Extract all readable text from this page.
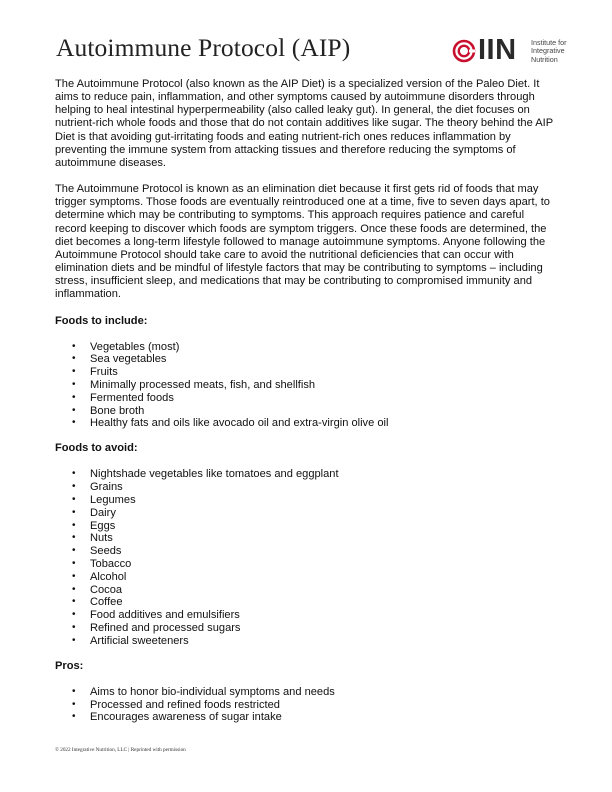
Autoimmune Protocol (AIP)	IIN Institute for
Integrative
Nutrition

The Autoimmune Protocol (also known as the AIP Diet) is a specialized version of the Paleo Diet. It aims to reduce pain, inflammation, and other symptoms caused by autoimmune disorders through helping to heal intestinal hyperpermeability (also called leaky gut). In general, the diet focuses on nutrient-rich whole foods and those that do not contain additives like sugar. The theory behind the AIP Diet is that avoiding gut-irritating foods and eating nutrient-rich ones reduces inflammation by preventing the immune system from attacking tissues and therefore reducing the symptoms of autoimmune diseases.

The Autoimmune Protocol is known as an elimination diet because it first gets rid of foods that may trigger symptoms. Those foods are eventually reintroduced one at a time, five to seven days apart, to determine which may be contributing to symptoms. This approach requires patience and careful record keeping to discover which foods are symptom triggers. Once these foods are determined, the diet becomes a long-term lifestyle followed to manage autoimmune symptoms. Anyone following the Autoimmune Protocol should take care to avoid the nutritional deficiencies that can occur with elimination diets and be mindful of lifestyle factors that may be contributing to symptoms – including stress, insufficient sleep, and medications that may be contributing to compromised immunity and inflammation.

Foods to include:
• Vegetables (most)
• Sea vegetables
• Fruits
• Minimally processed meats, fish, and shellfish
• Fermented foods
• Bone broth
• Healthy fats and oils like avocado oil and extra-virgin olive oil
Foods to avoid:
• Nightshade vegetables like tomatoes and eggplant
• Grains
• Legumes
• Dairy
• Eggs
• Nuts
• Seeds
• Tobacco
• Alcohol
• Cocoa
• Coffee
• Food additives and emulsifiers
• Refined and processed sugars
• Artificial sweeteners
Pros:
• Aims to honor bio-individual symptoms and needs
• Processed and refined foods restricted
• Encourages awareness of sugar intake
© 2022 Integrative Nutrition, LLC | Reprinted with permission
